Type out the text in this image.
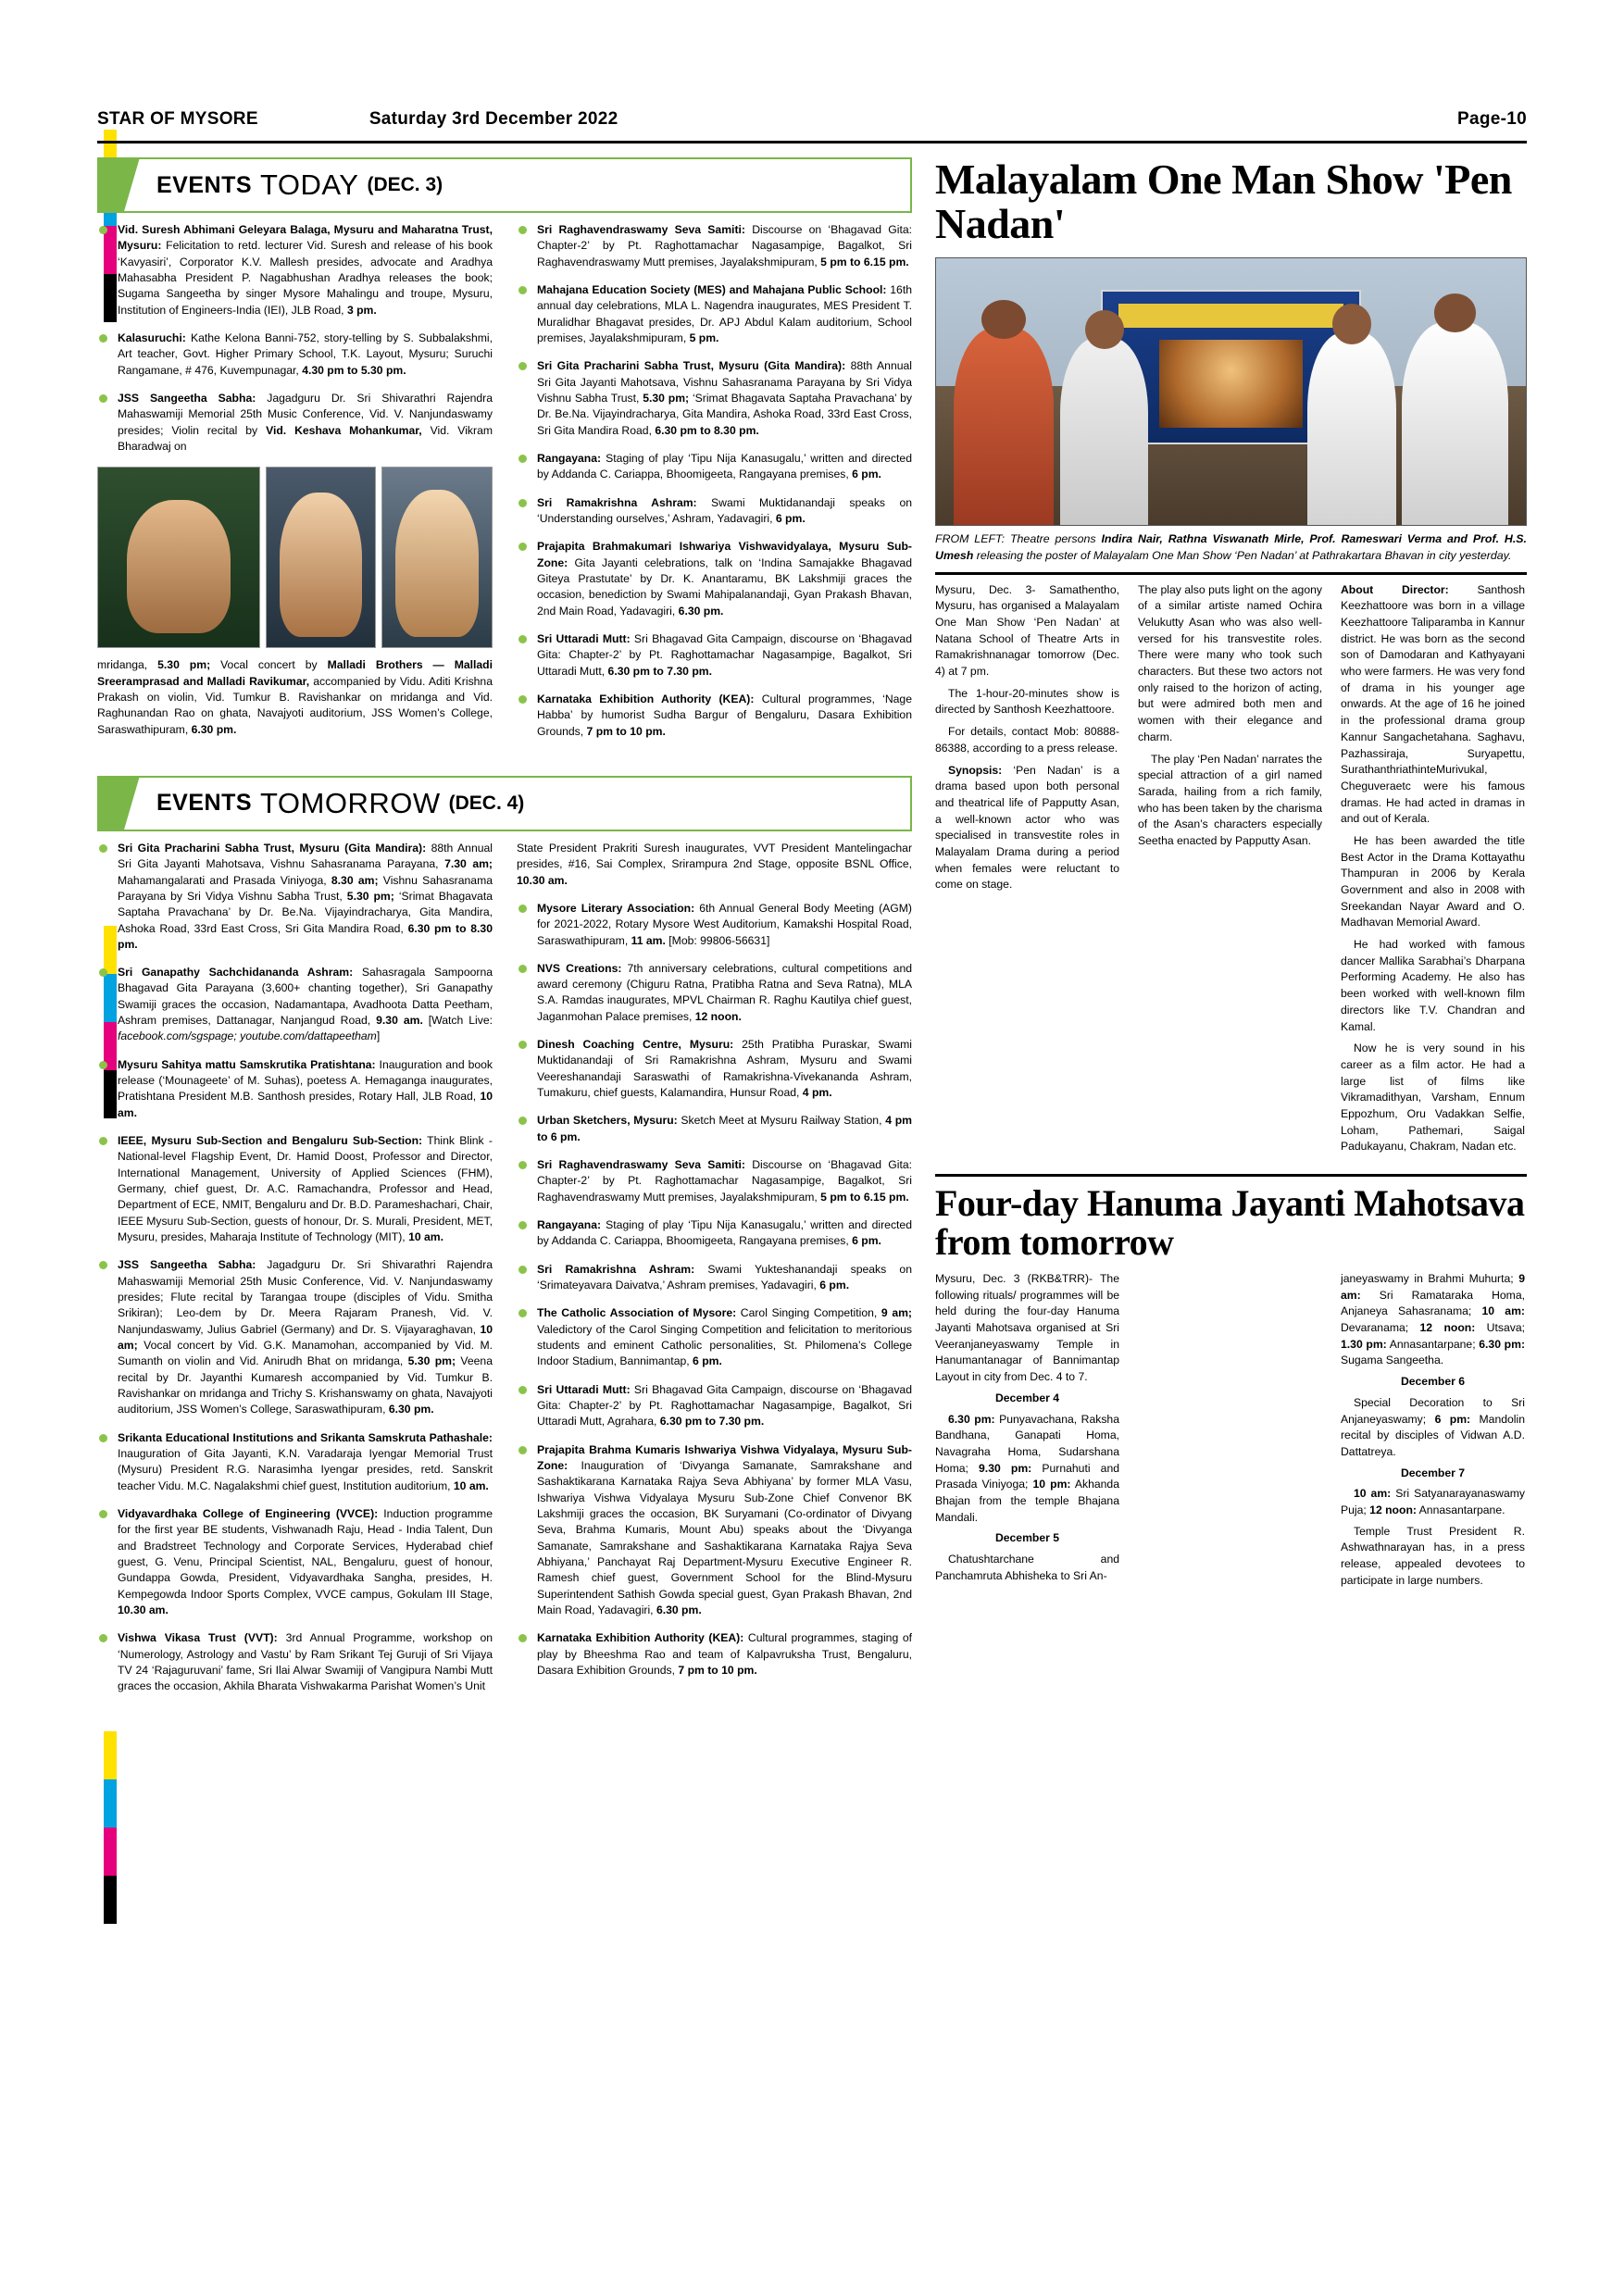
STAR OF MYSORE	Saturday 3rd December 2022	Page-10
EVENTS TODAY (DEC. 3)
Vid. Suresh Abhimani Geleyara Balaga, Mysuru and Maharatna Trust, Mysuru: Felicitation to retd. lecturer Vid. Suresh and release of his book ‘Kavyasiri’, Corporator K.V. Mallesh presides, advocate and Aradhya Mahasabha President P. Nagabhushan Aradhya releases the book; Sugama Sangeetha by singer Mysore Mahalingu and troupe, Mysuru, Institution of Engineers-India (IEI), JLB Road, 3 pm.
Kalasuruchi: Kathe Kelona Banni-752, story-telling by S. Subbalakshmi, Art teacher, Govt. Higher Primary School, T.K. Layout, Mysuru; Suruchi Rangamane, # 476, Kuvempunagar, 4.30 pm to 5.30 pm.
JSS Sangeetha Sabha: Jagadguru Dr. Sri Shivarathri Rajendra Mahaswamiji Memorial 25th Music Conference, Vid. V. Nanjundaswamy presides; Violin recital by Vid. Keshava Mohankumar, Vid. Vikram Bharadwaj on
mridanga, 5.30 pm; Vocal concert by Malladi Brothers — Malladi Sreeramprasad and Malladi Ravikumar, accompanied by Vidu. Aditi Krishna Prakash on violin, Vid. Tumkur B. Ravishankar on mridanga and Vid. Raghunandan Rao on ghata, Navajyoti auditorium, JSS Women’s College, Saraswathipuram, 6.30 pm.
Sri Raghavendraswamy Seva Samiti: Discourse on ‘Bhagavad Gita: Chapter-2’ by Pt. Raghottamachar Nagasampige, Bagalkot, Sri Raghavendraswamy Mutt premises, Jayalakshmipuram, 5 pm to 6.15 pm.
Mahajana Education Society (MES) and Mahajana Public School: 16th annual day celebrations, MLA L. Nagendra inaugurates, MES President T. Muralidhar Bhagavat presides, Dr. APJ Abdul Kalam auditorium, School premises, Jayalakshmipuram, 5 pm.
Sri Gita Pracharini Sabha Trust, Mysuru (Gita Mandira): 88th Annual Sri Gita Jayanti Mahotsava, Vishnu Sahasranama Parayana by Sri Vidya Vishnu Sabha Trust, 5.30 pm; ‘Srimat Bhagavata Saptaha Pravachana’ by Dr. Be.Na. Vijayindracharya, Gita Mandira, Ashoka Road, 33rd East Cross, Sri Gita Mandira Road, 6.30 pm to 8.30 pm.
Rangayana: Staging of play ‘Tipu Nija Kanasugalu,’ written and directed by Addanda C. Cariappa, Bhoomigeeta, Rangayana premises, 6 pm.
Sri Ramakrishna Ashram: Swami Muktidanandaji speaks on ‘Understanding ourselves,’ Ashram, Yadavagiri, 6 pm.
Prajapita Brahmakumari Ishwariya Vishwavidyalaya, Mysuru Sub-Zone: Gita Jayanti celebrations, talk on ‘Indina Samajakke Bhagavad Giteya Prastutate’ by Dr. K. Anantaramu, BK Lakshmiji graces the occasion, benediction by Swami Mahipalanandaji, Gyan Prakash Bhavan, 2nd Main Road, Yadavagiri, 6.30 pm.
Sri Uttaradi Mutt: Sri Bhagavad Gita Campaign, discourse on ‘Bhagavad Gita: Chapter-2’ by Pt. Raghottamachar Nagasampige, Bagalkot, Sri Uttaradi Mutt, 6.30 pm to 7.30 pm.
Karnataka Exhibition Authority (KEA): Cultural programmes, ‘Nage Habba’ by humorist Sudha Bargur of Bengaluru, Dasara Exhibition Grounds, 7 pm to 10 pm.
EVENTS TOMORROW (DEC. 4)
Sri Gita Pracharini Sabha Trust, Mysuru (Gita Mandira): 88th Annual Sri Gita Jayanti Mahotsava, Vishnu Sahasranama Parayana, 7.30 am; Mahamangalarati and Prasada Viniyoga, 8.30 am; Vishnu Sahasranama Parayana by Sri Vidya Vishnu Sabha Trust, 5.30 pm; ‘Srimat Bhagavata Saptaha Pravachana’ by Dr. Be.Na. Vijayindracharya, Gita Mandira, Ashoka Road, 33rd East Cross, Sri Gita Mandira Road, 6.30 pm to 8.30 pm.
Sri Ganapathy Sachchidananda Ashram: Sahasragala Sampoorna Bhagavad Gita Parayana (3,600+ chanting together), Sri Ganapathy Swamiji graces the occasion, Nadamantapa, Avadhoota Datta Peetham, Ashram premises, Dattanagar, Nanjangud Road, 9.30 am. [Watch Live: facebook.com/sgspage; youtube.com/dattapeetham]
Mysuru Sahitya mattu Samskrutika Pratishtana: Inauguration and book release (‘Mounageete’ of M. Suhas), poetess A. Hemaganga inaugurates, Pratishtana President M.B. Santhosh presides, Rotary Hall, JLB Road, 10 am.
IEEE, Mysuru Sub-Section and Bengaluru Sub-Section: Think Blink - National-level Flagship Event, Dr. Hamid Doost, Professor and Director, International Management, University of Applied Sciences (FHM), Germany, chief guest, Dr. A.C. Ramachandra, Professor and Head, Department of ECE, NMIT, Bengaluru and Dr. B.D. Parameshachari, Chair, IEEE Mysuru Sub-Section, guests of honour, Dr. S. Murali, President, MET, Mysuru, presides, Maharaja Institute of Technology (MIT), 10 am.
JSS Sangeetha Sabha: Jagadguru Dr. Sri Shivarathri Rajendra Mahaswamiji Memorial 25th Music Conference, Vid. V. Nanjundaswamy presides; Flute recital by Tarangaa troupe (disciples of Vidu. Smitha Srikiran); Leo-dem by Dr. Meera Rajaram Pranesh, Vid. V. Nanjundaswamy, Julius Gabriel (Germany) and Dr. S. Vijayaraghavan, 10 am; Vocal concert by Vid. G.K. Manamohan, accompanied by Vid. M. Sumanth on violin and Vid. Anirudh Bhat on mridanga, 5.30 pm; Veena recital by Dr. Jayanthi Kumaresh accompanied by Vid. Tumkur B. Ravishankar on mridanga and Trichy S. Krishanswamy on ghata, Navajyoti auditorium, JSS Women’s College, Saraswathipuram, 6.30 pm.
Srikanta Educational Institutions and Srikanta Samskruta Pathashale: Inauguration of Gita Jayanti, K.N. Varadaraja Iyengar Memorial Trust (Mysuru) President R.G. Narasimha Iyengar presides, retd. Sanskrit teacher Vidu. M.C. Nagalakshmi chief guest, Institution auditorium, 10 am.
Vidyavardhaka College of Engineering (VVCE): Induction programme for the first year BE students, Vishwanadh Raju, Head - India Talent, Dun and Bradstreet Technology and Corporate Services, Hyderabad chief guest, G. Venu, Principal Scientist, NAL, Bengaluru, guest of honour, Gundappa Gowda, President, Vidyavardhaka Sangha, presides, H. Kempegowda Indoor Sports Complex, VVCE campus, Gokulam III Stage, 10.30 am.
Vishwa Vikasa Trust (VVT): 3rd Annual Programme, workshop on ‘Numerology, Astrology and Vastu’ by Ram Srikant Tej Guruji of Sri Vijaya TV 24 ‘Rajaguruvani’ fame, Sri Ilai Alwar Swamiji of Vangipura Nambi Mutt graces the occasion, Akhila Bharata Vishwakarma Parishat Women’s Unit
State President Prakriti Suresh inaugurates, VVT President Mantelingachar presides, #16, Sai Complex, Srirampura 2nd Stage, opposite BSNL Office, 10.30 am.
Mysore Literary Association: 6th Annual General Body Meeting (AGM) for 2021-2022, Rotary Mysore West Auditorium, Kamakshi Hospital Road, Saraswathipuram, 11 am. [Mob: 99806-56631]
NVS Creations: 7th anniversary celebrations, cultural competitions and award ceremony (Chiguru Ratna, Pratibha Ratna and Seva Ratna), MLA S.A. Ramdas inaugurates, MPVL Chairman R. Raghu Kautilya chief guest, Jaganmohan Palace premises, 12 noon.
Dinesh Coaching Centre, Mysuru: 25th Pratibha Puraskar, Swami Muktidanandaji of Sri Ramakrishna Ashram, Mysuru and Swami Veereshanandaji Saraswathi of Ramakrishna-Vivekananda Ashram, Tumakuru, chief guests, Kalamandira, Hunsur Road, 4 pm.
Urban Sketchers, Mysuru: Sketch Meet at Mysuru Railway Station, 4 pm to 6 pm.
Sri Raghavendraswamy Seva Samiti: Discourse on ‘Bhagavad Gita: Chapter-2’ by Pt. Raghottamachar Nagasampige, Bagalkot, Sri Raghavendraswamy Mutt premises, Jayalakshmipuram, 5 pm to 6.15 pm.
Rangayana: Staging of play ‘Tipu Nija Kanasugalu,’ written and directed by Addanda C. Cariappa, Bhoomigeeta, Rangayana premises, 6 pm.
Sri Ramakrishna Ashram: Swami Yukteshanandaji speaks on ‘Srimateyavara Daivatva,’ Ashram premises, Yadavagiri, 6 pm.
The Catholic Association of Mysore: Carol Singing Competition, 9 am; Valedictory of the Carol Singing Competition and felicitation to meritorious students and eminent Catholic personalities, St. Philomena’s College Indoor Stadium, Bannimantap, 6 pm.
Sri Uttaradi Mutt: Sri Bhagavad Gita Campaign, discourse on ‘Bhagavad Gita: Chapter-2’ by Pt. Raghottamachar Nagasampige, Bagalkot, Sri Uttaradi Mutt, Agrahara, 6.30 pm to 7.30 pm.
Prajapita Brahma Kumaris Ishwariya Vishwa Vidyalaya, Mysuru Sub-Zone: Inauguration of ‘Divyanga Samanate, Samrakshane and Sashaktikarana Karnataka Rajya Seva Abhiyana’ by former MLA Vasu, Ishwariya Vishwa Vidyalaya Mysuru Sub-Zone Chief Convenor BK Lakshmiji graces the occasion, BK Suryamani (Co-ordinator of Divyang Seva, Brahma Kumaris, Mount Abu) speaks about the ‘Divyanga Samanate, Samrakshane and Sashaktikarana Karnataka Rajya Seva Abhiyana,’ Panchayat Raj Department-Mysuru Executive Engineer R. Ramesh chief guest, Government School for the Blind-Mysuru Superintendent Sathish Gowda special guest, Gyan Prakash Bhavan, 2nd Main Road, Yadavagiri, 6.30 pm.
Karnataka Exhibition Authority (KEA): Cultural programmes, staging of play by Bheeshma Rao and team of Kalpavruksha Trust, Bengaluru, Dasara Exhibition Grounds, 7 pm to 10 pm.
Malayalam One Man Show 'Pen Nadan'
FROM LEFT: Theatre persons Indira Nair, Rathna Viswanath Mirle, Prof. Rameswari Verma and Prof. H.S. Umesh releasing the poster of Malayalam One Man Show ‘Pen Nadan’ at Pathrakartara Bhavan in city yesterday.

Mysuru, Dec. 3- Samathentho, Mysuru, has organised a Malayalam One Man Show ‘Pen Nadan’ at Natana School of Theatre Arts in Ramakrishnanagar tomorrow (Dec. 4) at 7 pm.

The 1-hour-20-minutes show is directed by Santhosh Keezhattoore.

For details, contact Mob: 80888-86388, according to a press release.

Synopsis: ‘Pen Nadan’ is a drama based upon both personal and theatrical life of Papputty Asan, a well-known actor who was specialised in transvestite roles in Malayalam Drama during a period when females were reluctant to come on stage.

The play also puts light on the agony of a similar artiste named Ochira Velukutty Asan who was also well-versed for his transvestite roles. There were many who took such characters. But these two actors not only raised to the horizon of acting, but were admired both men and women with their elegance and charm.

The play ‘Pen Nadan’ narrates the special attraction of a girl named Sarada, hailing from a rich family, who has been taken by the charisma of the Asan’s characters especially Seetha enacted by Papputty Asan.

About Director: Santhosh Keezhattoore was born in a village Keezhattoore Taliparamba in Kannur district. He was born as the second son of Damodaran and Kathyayani who were farmers. He was very fond of drama in his younger age onwards. At the age of 16 he joined in the professional drama group Kannur Sangachetahana. Saghavu, Pazhassiraja, Suryapettu, SurathanthriathinteMurivukal, Cheguveraetc were his famous dramas. He had acted in dramas in and out of Kerala.

He has been awarded the title Best Actor in the Drama Kottayathu Thampuran in 2006 by Kerala Government and also in 2008 with Sreekandan Nayar Award and O. Madhavan Memorial Award.

He had worked with famous dancer Mallika Sarabhai’s Dharpana Performing Academy. He also has been worked with well-known film directors like T.V. Chandran and Kamal.

Now he is very sound in his career as a film actor. He had a large list of films like Vikramadithyan, Varsham, Ennum Eppozhum, Oru Vadakkan Selfie, Loham, Pathemari, Saigal Padukayanu, Chakram, Nadan etc.

Four-day Hanuma Jayanti Mahotsava from tomorrow

Mysuru, Dec. 3 (RKB&TRR)- The following rituals/ programmes will be held during the four-day Hanuma Jayanti Mahotsava organised at Sri Veeranjaneyaswamy Temple in Hanumantanagar of Bannimantap Layout in city from Dec. 4 to 7.

December 4

6.30 pm: Punyavachana, Raksha Bandhana, Ganapati Homa, Navagraha Homa, Sudarshana Homa; 9.30 pm: Purnahuti and Prasada Viniyoga; 10 pm: Akhanda Bhajan from the temple Bhajana Mandali.

December 5

Chatushtarchane and Panchamruta Abhisheka to Sri An-

janeyaswamy in Brahmi Muhurta; 9 am: Sri Ramataraka Homa, Anjaneya Sahasranama; 10 am: Devaranama; 12 noon: Utsava; 1.30 pm: Annasantarpane; 6.30 pm: Sugama Sangeetha.

December 6

Special Decoration to Sri Anjaneyaswamy; 6 pm: Mandolin recital by disciples of Vidwan A.D. Dattatreya.

December 7

10 am: Sri Satyanarayanaswamy Puja; 12 noon: Annasantarpane.

Temple Trust President R. Ashwathnarayan has, in a press release, appealed devotees to participate in large numbers.
